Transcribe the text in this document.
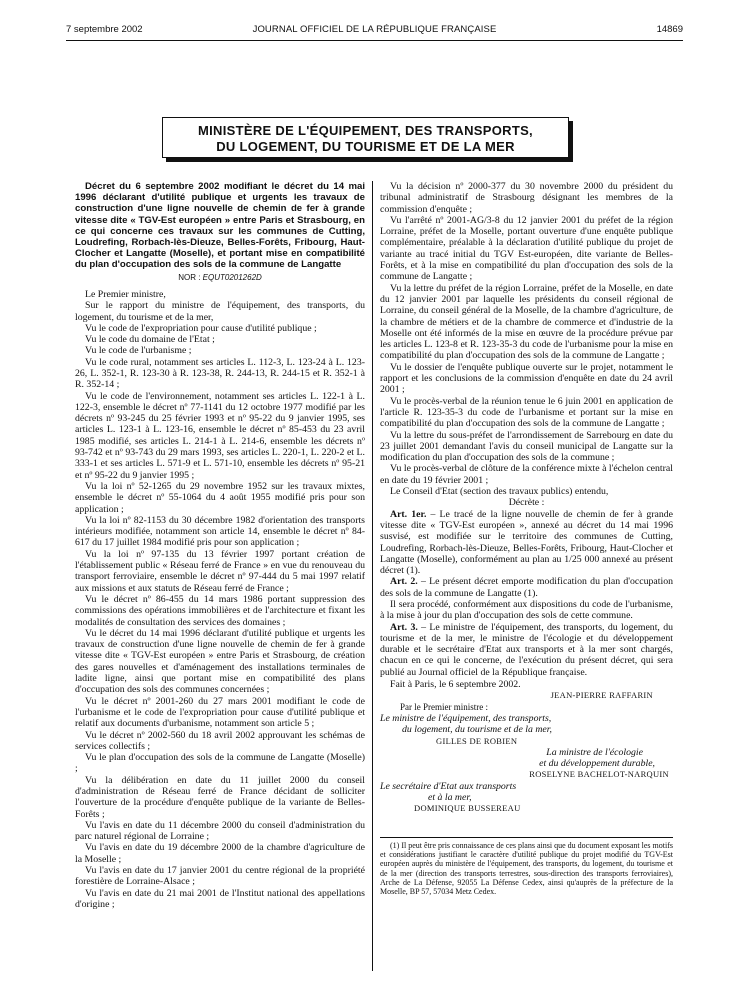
7 septembre 2002	JOURNAL OFFICIEL DE LA RÉPUBLIQUE FRANÇAISE	14869
MINISTÈRE DE L'ÉQUIPEMENT, DES TRANSPORTS,
DU LOGEMENT, DU TOURISME ET DE LA MER

Décret du 6 septembre 2002 modifiant le décret du 14 mai 1996 déclarant d'utilité publique et urgents les travaux de construction d'une ligne nouvelle de chemin de fer à grande vitesse dite « TGV-Est européen » entre Paris et Strasbourg, en ce qui concerne ces travaux sur les communes de Cutting, Loudrefing, Rorbach-lès-Dieuze, Belles-Forêts, Fribourg, Haut-Clocher et Langatte (Moselle), et portant mise en compatibilité du plan d'occupation des sols de la commune de Langatte

NOR : EQUT0201262D

Le Premier ministre,

Sur le rapport du ministre de l'équipement, des transports, du logement, du tourisme et de la mer,

Vu le code de l'expropriation pour cause d'utilité publique ;

Vu le code du domaine de l'Etat ;

Vu le code de l'urbanisme ;

Vu le code rural, notamment ses articles L. 112-3, L. 123-24 à L. 123-26, L. 352-1, R. 123-30 à R. 123-38, R. 244-13, R. 244-15 et R. 352-1 à R. 352-14 ;

Vu le code de l'environnement, notamment ses articles L. 122-1 à L. 122-3, ensemble le décret nº 77-1141 du 12 octobre 1977 modifié par les décrets nº 93-245 du 25 février 1993 et nº 95-22 du 9 janvier 1995, ses articles L. 123-1 à L. 123-16, ensemble le décret nº 85-453 du 23 avril 1985 modifié, ses articles L. 214-1 à L. 214-6, ensemble les décrets nº 93-742 et nº 93-743 du 29 mars 1993, ses articles L. 220-1, L. 220-2 et L. 333-1 et ses articles L. 571-9 et L. 571-10, ensemble les décrets nº 95-21 et nº 95-22 du 9 janvier 1995 ;

Vu la loi nº 52-1265 du 29 novembre 1952 sur les travaux mixtes, ensemble le décret nº 55-1064 du 4 août 1955 modifié pris pour son application ;

Vu la loi nº 82-1153 du 30 décembre 1982 d'orientation des transports intérieurs modifiée, notamment son article 14, ensemble le décret nº 84-617 du 17 juillet 1984 modifié pris pour son application ;

Vu la loi nº 97-135 du 13 février 1997 portant création de l'établissement public « Réseau ferré de France » en vue du renouveau du transport ferroviaire, ensemble le décret nº 97-444 du 5 mai 1997 relatif aux missions et aux statuts de Réseau ferré de France ;

Vu le décret nº 86-455 du 14 mars 1986 portant suppression des commissions des opérations immobilières et de l'architecture et fixant les modalités de consultation des services des domaines ;

Vu le décret du 14 mai 1996 déclarant d'utilité publique et urgents les travaux de construction d'une ligne nouvelle de chemin de fer à grande vitesse dite « TGV-Est européen » entre Paris et Strasbourg, de création des gares nouvelles et d'aménagement des installations terminales de ladite ligne, ainsi que portant mise en compatibilité des plans d'occupation des sols des communes concernées ;

Vu le décret nº 2001-260 du 27 mars 2001 modifiant le code de l'urbanisme et le code de l'expropriation pour cause d'utilité publique et relatif aux documents d'urbanisme, notamment son article 5 ;

Vu le décret nº 2002-560 du 18 avril 2002 approuvant les schémas de services collectifs ;

Vu le plan d'occupation des sols de la commune de Langatte (Moselle) ;

Vu la délibération en date du 11 juillet 2000 du conseil d'administration de Réseau ferré de France décidant de solliciter l'ouverture de la procédure d'enquête publique de la variante de Belles-Forêts ;

Vu l'avis en date du 11 décembre 2000 du conseil d'administration du parc naturel régional de Lorraine ;

Vu l'avis en date du 19 décembre 2000 de la chambre d'agriculture de la Moselle ;

Vu l'avis en date du 17 janvier 2001 du centre régional de la propriété forestière de Lorraine-Alsace ;

Vu l'avis en date du 21 mai 2001 de l'Institut national des appellations d'origine ;

Vu la décision nº 2000-377 du 30 novembre 2000 du président du tribunal administratif de Strasbourg désignant les membres de la commission d'enquête ;

Vu l'arrêté nº 2001-AG/3-8 du 12 janvier 2001 du préfet de la région Lorraine, préfet de la Moselle, portant ouverture d'une enquête publique complémentaire, préalable à la déclaration d'utilité publique du projet de variante au tracé initial du TGV Est-européen, dite variante de Belles-Forêts, et à la mise en compatibilité du plan d'occupation des sols de la commune de Langatte ;

Vu la lettre du préfet de la région Lorraine, préfet de la Moselle, en date du 12 janvier 2001 par laquelle les présidents du conseil régional de Lorraine, du conseil général de la Moselle, de la chambre d'agriculture, de la chambre de métiers et de la chambre de commerce et d'industrie de la Moselle ont été informés de la mise en œuvre de la procédure prévue par les articles L. 123-8 et R. 123-35-3 du code de l'urbanisme pour la mise en compatibilité du plan d'occupation des sols de la commune de Langatte ;

Vu le dossier de l'enquête publique ouverte sur le projet, notamment le rapport et les conclusions de la commission d'enquête en date du 24 avril 2001 ;

Vu le procès-verbal de la réunion tenue le 6 juin 2001 en application de l'article R. 123-35-3 du code de l'urbanisme et portant sur la mise en compatibilité du plan d'occupation des sols de la commune de Langatte ;

Vu la lettre du sous-préfet de l'arrondissement de Sarrebourg en date du 23 juillet 2001 demandant l'avis du conseil municipal de Langatte sur la modification du plan d'occupation des sols de la commune ;

Vu le procès-verbal de clôture de la conférence mixte à l'échelon central en date du 19 février 2001 ;

Le Conseil d'Etat (section des travaux publics) entendu,

Décrète :

Art. 1er. – Le tracé de la ligne nouvelle de chemin de fer à grande vitesse dite « TGV-Est européen », annexé au décret du 14 mai 1996 susvisé, est modifiée sur le territoire des communes de Cutting, Loudrefing, Rorbach-lès-Dieuze, Belles-Forêts, Fribourg, Haut-Clocher et Langatte (Moselle), conformément au plan au 1/25 000 annexé au présent décret (1).

Art. 2. – Le présent décret emporte modification du plan d'occupation des sols de la commune de Langatte (1).

Il sera procédé, conformément aux dispositions du code de l'urbanisme, à la mise à jour du plan d'occupation des sols de cette commune.

Art. 3. – Le ministre de l'équipement, des transports, du logement, du tourisme et de la mer, le ministre de l'écologie et du développement durable et le secrétaire d'Etat aux transports et à la mer sont chargés, chacun en ce qui le concerne, de l'exécution du présent décret, qui sera publié au Journal officiel de la République française.

Fait à Paris, le 6 septembre 2002.

JEAN-PIERRE RAFFARIN

Par le Premier ministre :

Le ministre de l'équipement, des transports,

du logement, du tourisme et de la mer,

GILLES DE ROBIEN

La ministre de l'écologie

et du développement durable,

ROSELYNE BACHELOT-NARQUIN

Le secrétaire d'Etat aux transports

et à la mer,

DOMINIQUE BUSSEREAU

(1) Il peut être pris connaissance de ces plans ainsi que du document exposant les motifs et considérations justifiant le caractère d'utilité publique du projet modifié du TGV-Est européen auprès du ministère de l'équipement, des transports, du logement, du tourisme et de la mer (direction des transports terrestres, sous-direction des transports ferroviaires), Arche de La Défense, 92055 La Défense Cedex, ainsi qu'auprès de la préfecture de la Moselle, BP 57, 57034 Metz Cedex.
